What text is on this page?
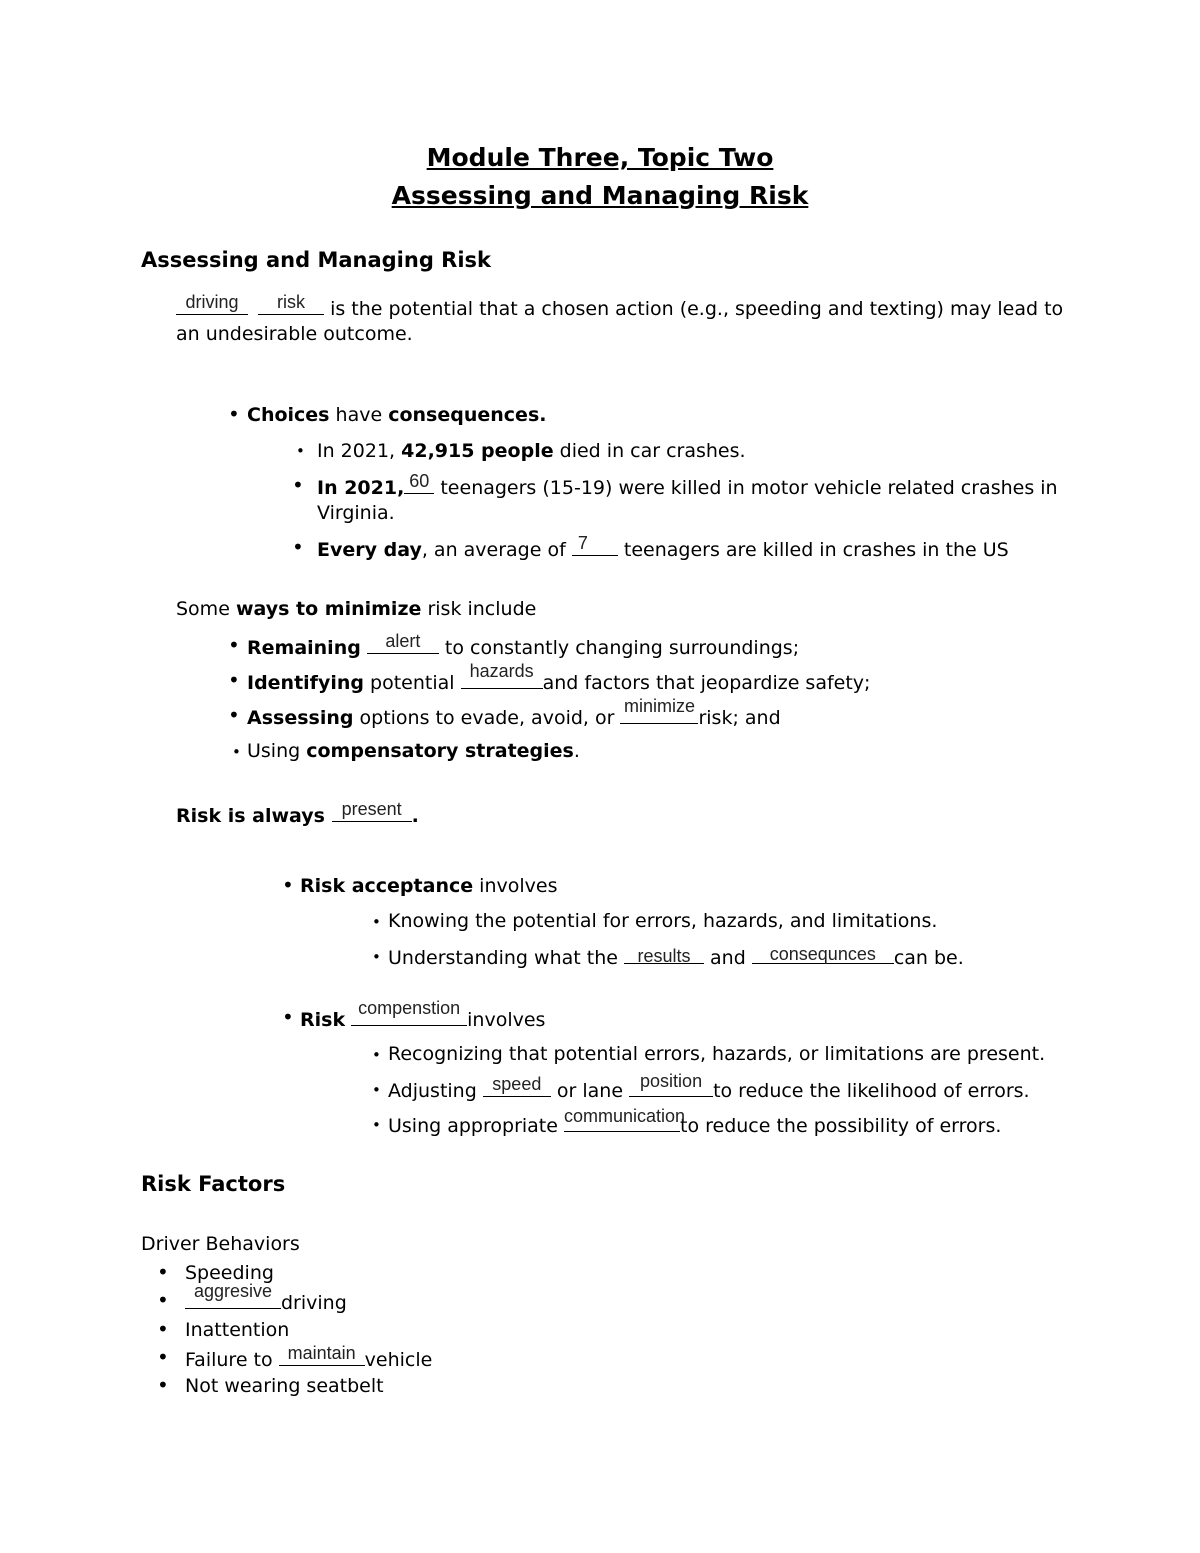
Module Three, Topic Two
Assessing and Managing Risk
Assessing and Managing Risk
driving
	risk	is the potential that a chosen action (e.g., speeding and texting) may lead to
an undesirable outcome.
• Choices have consequences.
• In 2021, 42,915 people died in car crashes.
• In 2021, 60 teenagers (15-19) were killed in motor vehicle related crashes in
Virginia.
• Every day, an average of 7	teenagers are killed in crashes in the US
Some ways to minimize risk include
• Remaining	alert	to constantly changing surroundings;
• Identifying potential
hazards
and factors that jeopardize safety;
• Assessing options to evade, avoid, or
minimize
risk; and
• Using compensatory strategies.
Risk is always present .
• Risk acceptance involves
• Knowing the potential for errors, hazards, and limitations.
• Understanding what the	results	and	consequnces can be.
• Risk
compenstion
involves
• Recognizing that potential errors, hazards, or limitations are present.
• Adjusting speed or lane position to reduce the likelihood of errors.
• Using appropriate communication
to reduce the possibility of errors.
Risk Factors
Driver Behaviors
• Speeding
•	aggresive
driving
• Inattention
• Failure to maintain vehicle
• Not wearing seatbelt
